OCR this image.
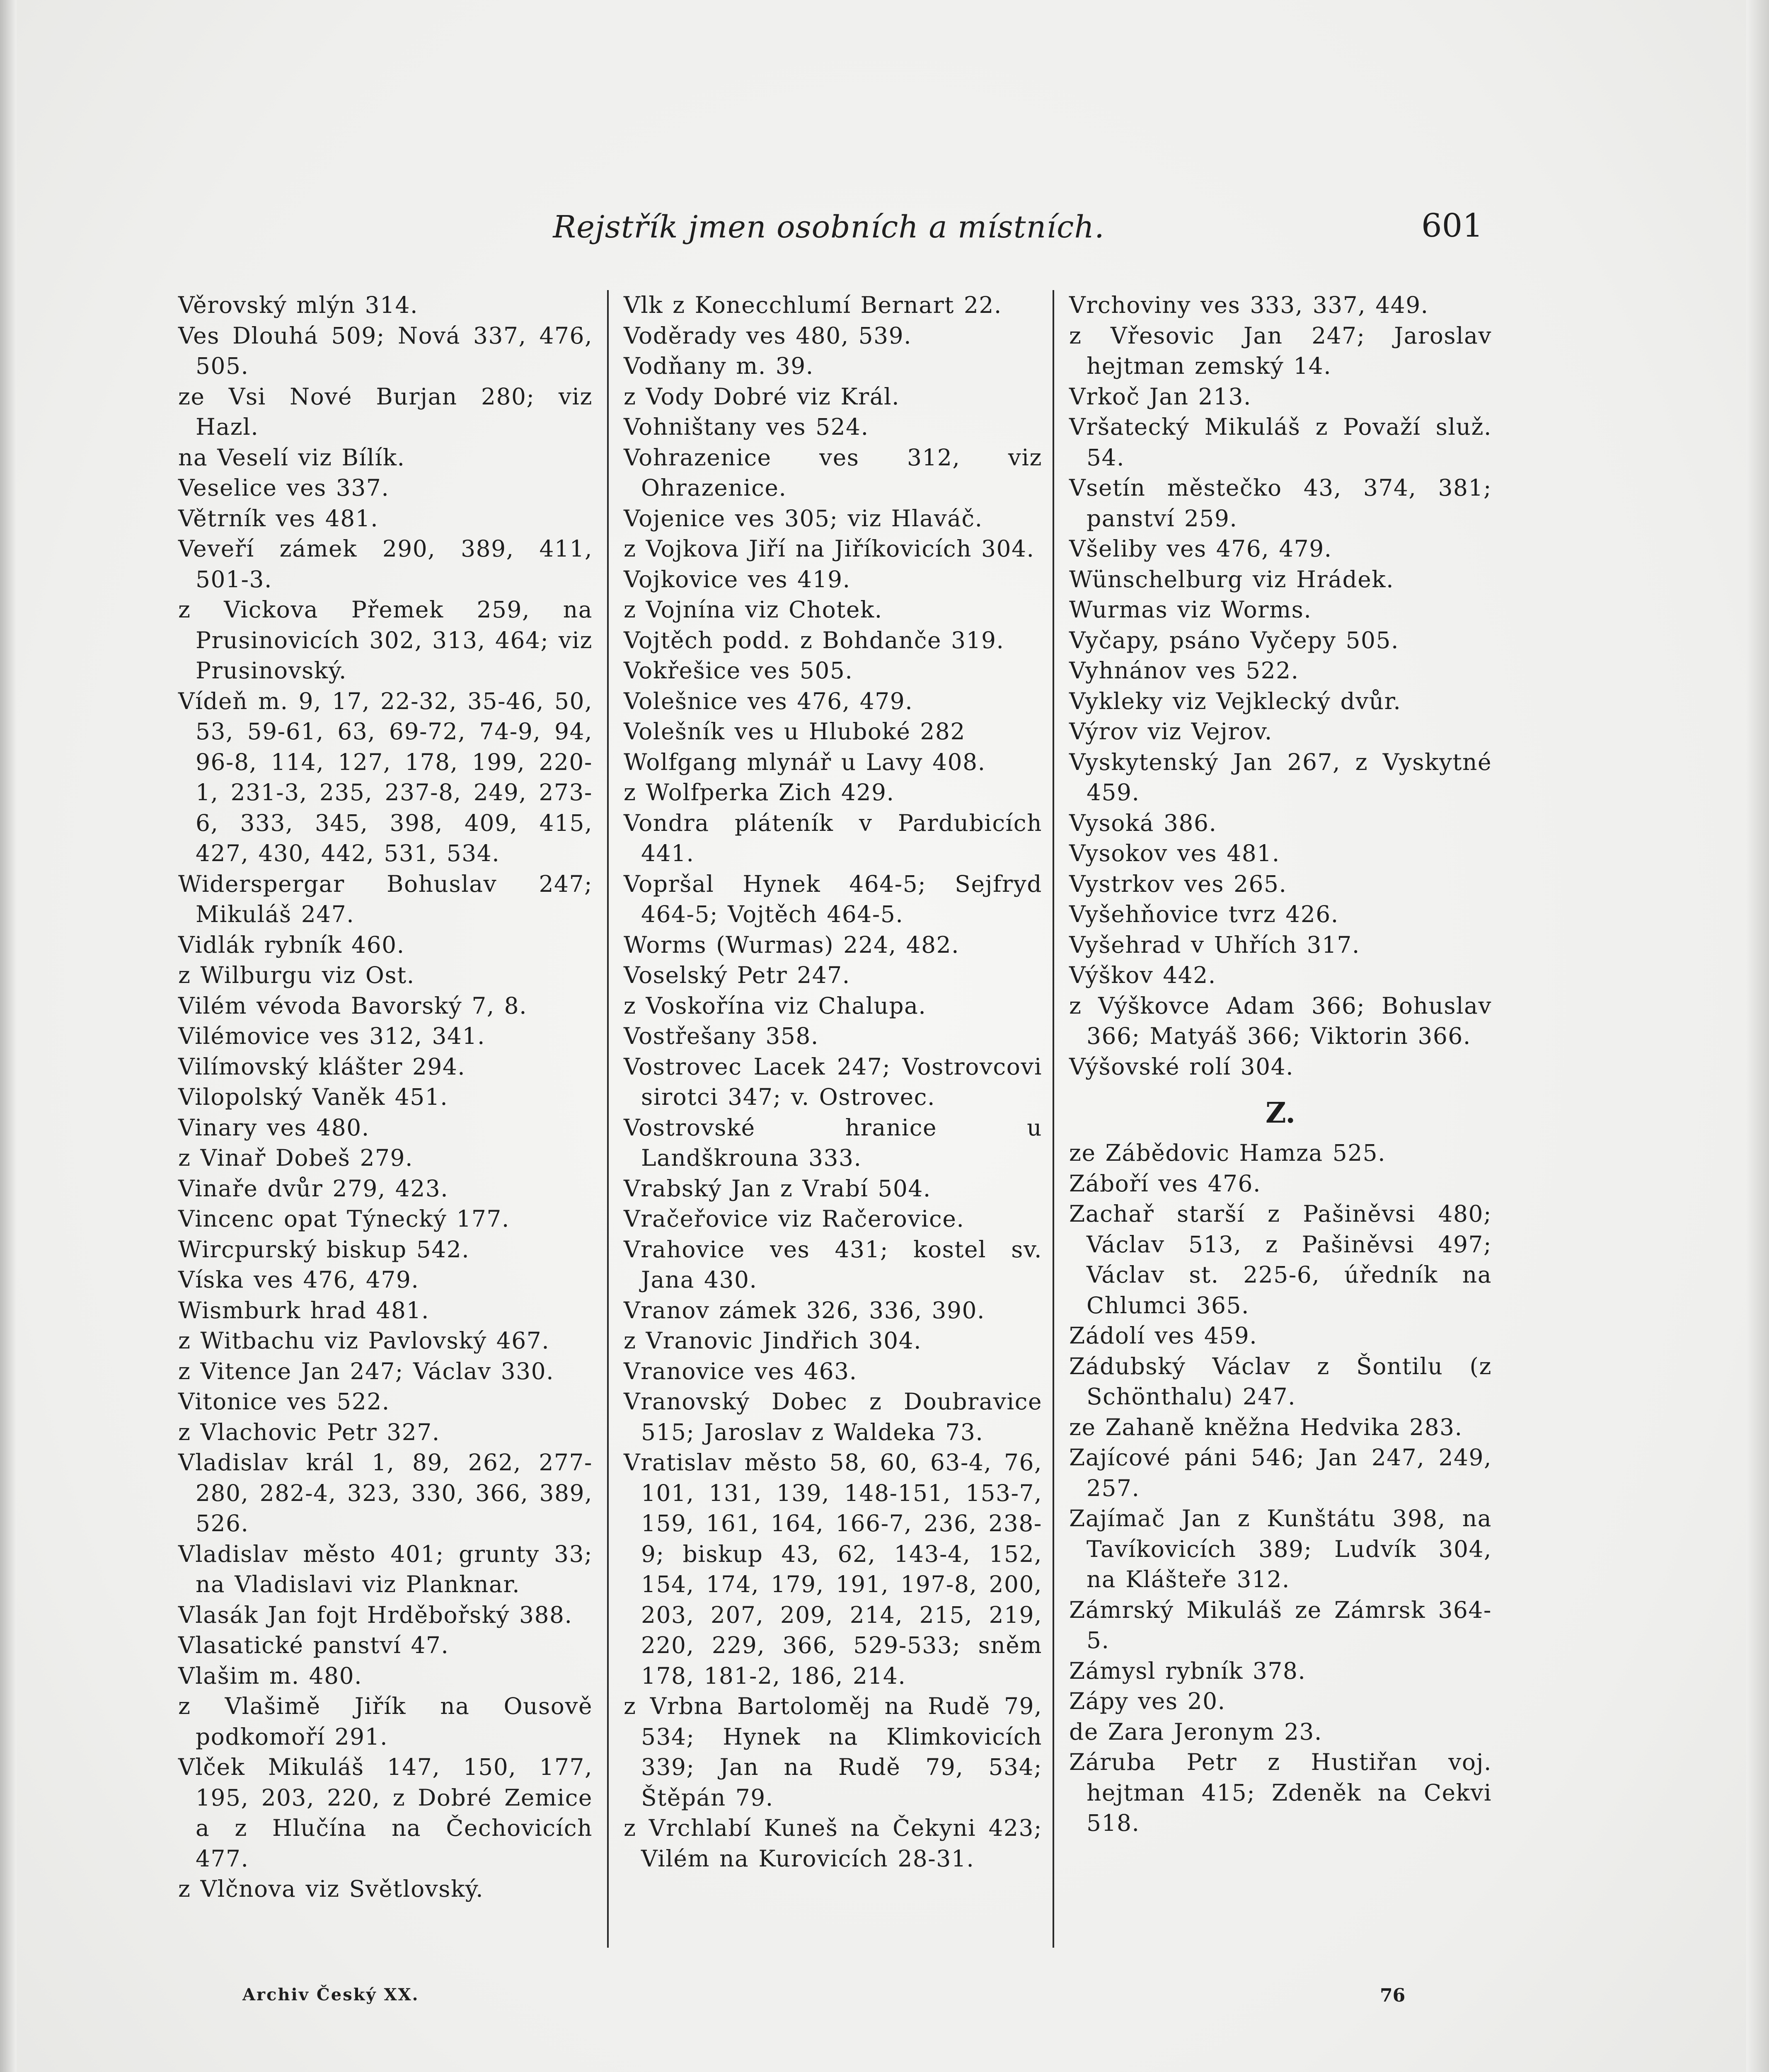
Rejstřík jmen osobních a místních.	601
Věrovský mlýn 314.
Ves Dlouhá 509; Nová 337, 476, 505.
ze Vsi Nové Burjan 280; viz Hazl.
na Veselí viz Bílík.
Veselice ves 337.
Větrník ves 481.
Veveří zámek 290, 389, 411, 501-3.
z Vickova Přemek 259, na Prusinovicích 302, 313, 464; viz Prusinovský.
Vídeň m. 9, 17, 22-32, 35-46, 50, 53, 59-61, 63, 69-72, 74-9, 94, 96-8, 114, 127, 178, 199, 220-1, 231-3, 235, 237-8, 249, 273-6, 333, 345, 398, 409, 415, 427, 430, 442, 531, 534.
Widerspergar Bohuslav 247; Mikuláš 247.
Vidlák rybník 460.
z Wilburgu viz Ost.
Vilém vévoda Bavorský 7, 8.
Vilémovice ves 312, 341.
Vilímovský klášter 294.
Vilopolský Vaněk 451.
Vinary ves 480.
z Vinař Dobeš 279.
Vinaře dvůr 279, 423.
Vincenc opat Týnecký 177.
Wircpurský biskup 542.
Víska ves 476, 479.
Wismburk hrad 481.
z Witbachu viz Pavlovský 467.
z Vitence Jan 247; Václav 330.
Vitonice ves 522.
z Vlachovic Petr 327.
Vladislav král 1, 89, 262, 277-280, 282-4, 323, 330, 366, 389, 526.
Vladislav město 401; grunty 33; na Vladislavi viz Planknar.
Vlasák Jan fojt Hrděbořský 388.
Vlasatické panství 47.
Vlašim m. 480.
z Vlašimě Jiřík na Ousově podkomoří 291.
Vlček Mikuláš 147, 150, 177, 195, 203, 220, z Dobré Zemice a z Hlučína na Čechovicích 477.
z Vlčnova viz Světlovský.
Vlk z Konecchlumí Bernart 22.
Voděrady ves 480, 539.
Vodňany m. 39.
z Vody Dobré viz Král.
Vohništany ves 524.
Vohrazenice ves 312, viz Ohrazenice.
Vojenice ves 305; viz Hlaváč.
z Vojkova Jiří na Jiříkovicích 304.
Vojkovice ves 419.
z Vojnína viz Chotek.
Vojtěch podd. z Bohdanče 319.
Vokřešice ves 505.
Volešnice ves 476, 479.
Volešník ves u Hluboké 282
Wolfgang mlynář u Lavy 408.
z Wolfperka Zich 429.
Vondra pláteník v Pardubicích 441.
Vopršal Hynek 464-5; Sejfryd 464-5; Vojtěch 464-5.
Worms (Wurmas) 224, 482.
Voselský Petr 247.
z Voskořína viz Chalupa.
Vostřešany 358.
Vostrovec Lacek 247; Vostrovcovi sirotci 347; v. Ostrovec.
Vostrovské hranice u Landškrouna 333.
Vrabský Jan z Vrabí 504.
Vračeřovice viz Račerovice.
Vrahovice ves 431; kostel sv. Jana 430.
Vranov zámek 326, 336, 390.
z Vranovic Jindřich 304.
Vranovice ves 463.
Vranovský Dobec z Doubravice 515; Jaroslav z Waldeka 73.
Vratislav město 58, 60, 63-4, 76, 101, 131, 139, 148-151, 153-7, 159, 161, 164, 166-7, 236, 238-9; biskup 43, 62, 143-4, 152, 154, 174, 179, 191, 197-8, 200, 203, 207, 209, 214, 215, 219, 220, 229, 366, 529-533; sněm 178, 181-2, 186, 214.
z Vrbna Bartoloměj na Rudě 79, 534; Hynek na Klimkovicích 339; Jan na Rudě 79, 534; Štěpán 79.
z Vrchlabí Kuneš na Čekyni 423; Vilém na Kurovicích 28-31.
Vrchoviny ves 333, 337, 449.
z Vřesovic Jan 247; Jaroslav hejtman zemský 14.
Vrkoč Jan 213.
Vršatecký Mikuláš z Považí služ. 54.
Vsetín městečko 43, 374, 381; panství 259.
Všeliby ves 476, 479.
Wünschelburg viz Hrádek.
Wurmas viz Worms.
Vyčapy, psáno Vyčepy 505.
Vyhnánov ves 522.
Vykleky viz Vejklecký dvůr.
Výrov viz Vejrov.
Vyskytenský Jan 267, z Vyskytné 459.
Vysoká 386.
Vysokov ves 481.
Vystrkov ves 265.
Vyšehňovice tvrz 426.
Vyšehrad v Uhřích 317.
Výškov 442.
z Výškovce Adam 366; Bohuslav 366; Matyáš 366; Viktorin 366.
Výšovské rolí 304.
Z.
ze Zábědovic Hamza 525.
Záboří ves 476.
Zachař starší z Pašiněvsi 480; Václav 513, z Pašiněvsi 497; Václav st. 225-6, úředník na Chlumci 365.
Zádolí ves 459.
Zádubský Václav z Šontilu (z Schönthalu) 247.
ze Zahaně kněžna Hedvika 283.
Zajícové páni 546; Jan 247, 249, 257.
Zajímač Jan z Kunštátu 398, na Tavíkovicích 389; Ludvík 304, na Klášteře 312.
Zámrský Mikuláš ze Zámrsk 364-5.
Zámysl rybník 378.
Zápy ves 20.
de Zara Jeronym 23.
Záruba Petr z Hustiřan voj. hejtman 415; Zdeněk na Cekvi 518.
Archiv Český XX.	76
